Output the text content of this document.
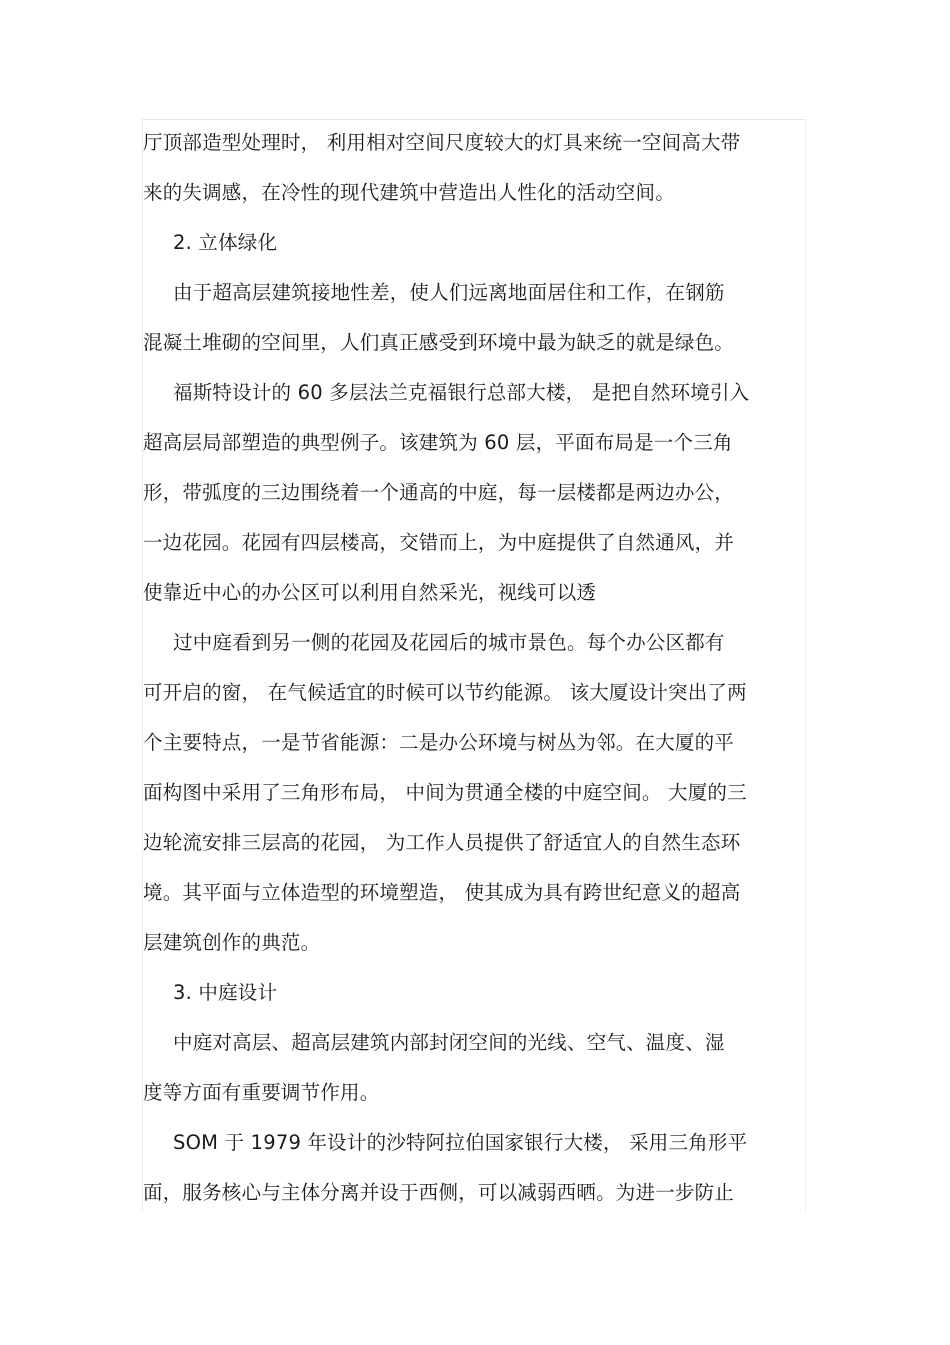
厅顶部造型处理时， 利用相对空间尺度较大的灯具来统一空间高大带
来的失调感，在冷性的现代建筑中营造出人性化的活动空间。
2. 立体绿化
由于超高层建筑接地性差，使人们远离地面居住和工作，在钢筋
混凝土堆砌的空间里，人们真正感受到环境中最为缺乏的就是绿色。
福斯特设计的 60 多层法兰克福银行总部大楼， 是把自然环境引入
超高层局部塑造的典型例子。该建筑为 60 层，平面布局是一个三角
形，带弧度的三边围绕着一个通高的中庭，每一层楼都是两边办公，
一边花园。花园有四层楼高，交错而上，为中庭提供了自然通风，并
使靠近中心的办公区可以利用自然采光，视线可以透
过中庭看到另一侧的花园及花园后的城市景色。每个办公区都有
可开启的窗， 在气候适宜的时候可以节约能源。 该大厦设计突出了两
个主要特点，一是节省能源：二是办公环境与树丛为邻。在大厦的平
面构图中采用了三角形布局， 中间为贯通全楼的中庭空间。 大厦的三
边轮流安排三层高的花园， 为工作人员提供了舒适宜人的自然生态环
境。其平面与立体造型的环境塑造， 使其成为具有跨世纪意义的超高
层建筑创作的典范。
3. 中庭设计
中庭对高层、超高层建筑内部封闭空间的光线、空气、温度、湿
度等方面有重要调节作用。
SOM 于 1979 年设计的沙特阿拉伯国家银行大楼， 采用三角形平
面，服务核心与主体分离并设于西侧，可以减弱西晒。为进一步防止
